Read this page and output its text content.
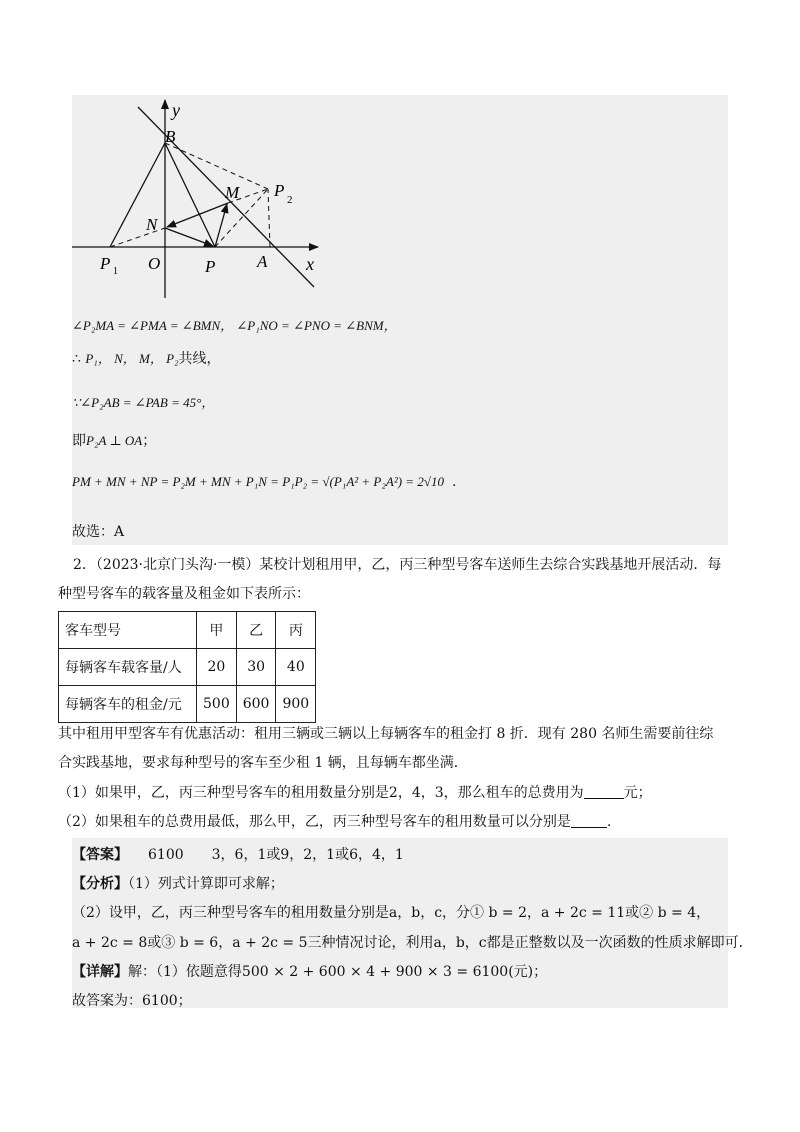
y
x
B
M P 2
N
P 1 O	P A
∠P₂MA = ∠PMA = ∠BMN， ∠P₁NO = ∠PNO = ∠BNM，
∴ P₁， N， M， P₂共线，
∵∠P₂AB = ∠PAB = 45°，
即P₂A ⊥ OA；
PM + MN + NP = P₂M + MN + P₁N = P₁P₂ = √(P₁A² + P₂A²) = 2√10 .
故选：A
2．（2023·北京门头沟·一模）某校计划租用甲，乙，丙三种型号客车送师生去综合实践基地开展活动．每
种型号客车的载客量及租金如下表所示：
客车型号	甲	乙	丙
每辆客车载客量/人	20	30	40
每辆客车的租金/元	500	600	900
其中租用甲型客车有优惠活动：租用三辆或三辆以上每辆客车的租金打 8 折．现有 280 名师生需要前往综
合实践基地，要求每种型号的客车至少租 1 辆，且每辆车都坐满．
（1）如果甲，乙，丙三种型号客车的租用数量分别是2，4，3，那么租车的总费用为	元；
（2）如果租车的总费用最低，那么甲，乙，丙三种型号客车的租用数量可以分别是	.
【答案】 6100　　3，6，1或9，2，1或6，4，1
【分析】（1）列式计算即可求解；
（2）设甲，乙，丙三种型号客车的租用数量分别是a，b，c，分① b = 2，a + 2c = 11或② b = 4，
a + 2c = 8或③ b = 6，a + 2c = 5三种情况讨论，利用a，b，c都是正整数以及一次函数的性质求解即可．
【详解】解：（1）依题意得500 × 2 + 600 × 4 + 900 × 3 = 6100(元)；
故答案为：6100；
